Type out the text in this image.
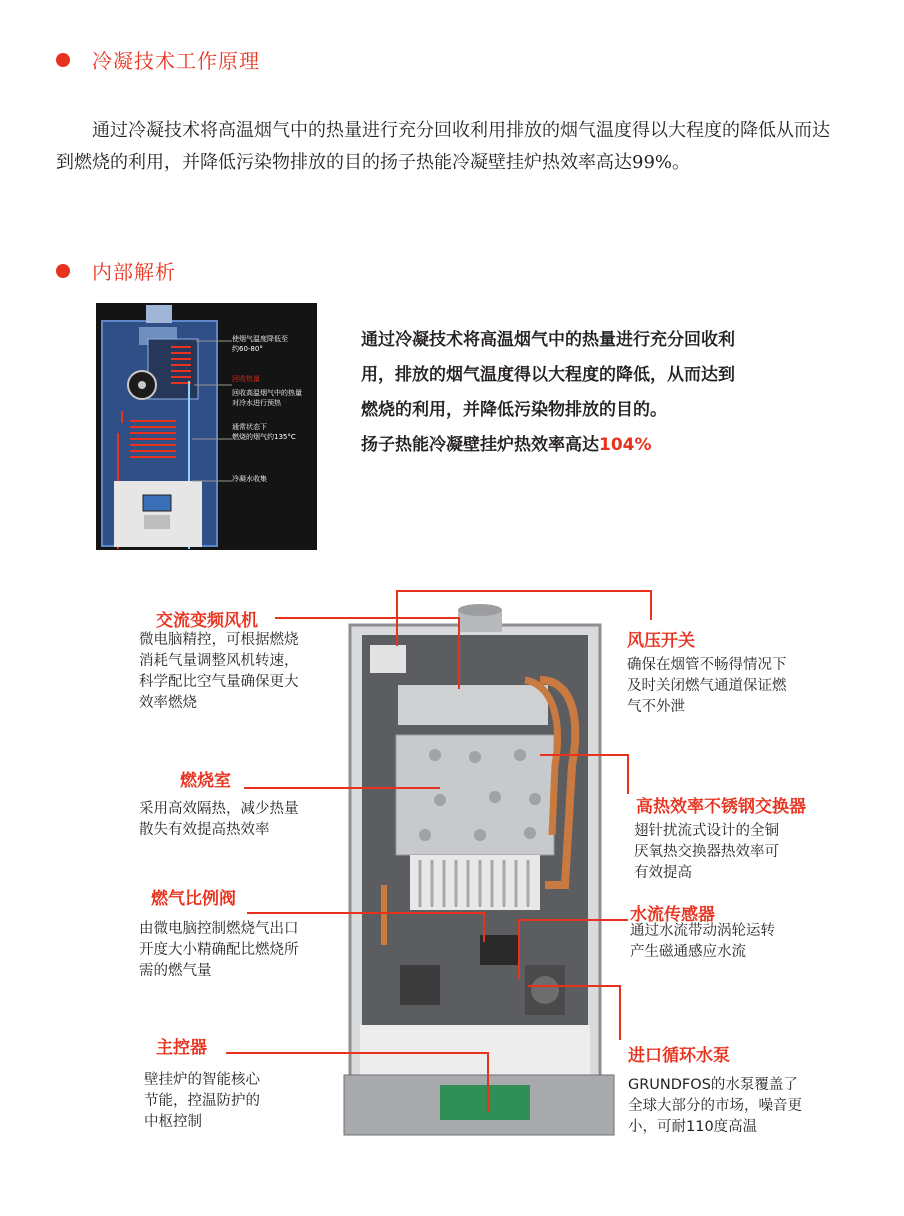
冷凝技术工作原理

通过冷凝技术将高温烟气中的热量进行充分回收利用排放的烟气温度得以大程度的降低从而达到燃烧的利用，并降低污染物排放的目的扬子热能冷凝壁挂炉热效率高达99%。

内部解析
使烟气温度降低至
约60-80°
回收热量
回收高温烟气中的热量
对冷水进行预热
通常状态下
燃烧的烟气约135°C
冷凝水收集
通过冷凝技术将高温烟气中的热量进行充分回收利
用，排放的烟气温度得以大程度的降低，从而达到
燃烧的利用，并降低污染物排放的目的。
扬子热能冷凝壁挂炉热效率高达104%
交流变频风机
微电脑精控，可根据燃烧
消耗气量调整风机转速，
科学配比空气量确保更大
效率燃烧
燃烧室
采用高效隔热，减少热量
散失有效提高热效率
燃气比例阀
由微电脑控制燃烧气出口
开度大小精确配比燃烧所
需的燃气量
主控器
壁挂炉的智能核心
节能，控温防护的
中枢控制
风压开关
确保在烟管不畅得情况下
及时关闭燃气通道保证燃
气不外泄
高热效率不锈钢交换器
翅针扰流式设计的全铜
厌氧热交换器热效率可
有效提高
水流传感器
通过水流带动涡轮运转
产生磁通感应水流
进口循环水泵
GRUNDFOS的水泵覆盖了
全球大部分的市场，噪音更
小，可耐110度高温
